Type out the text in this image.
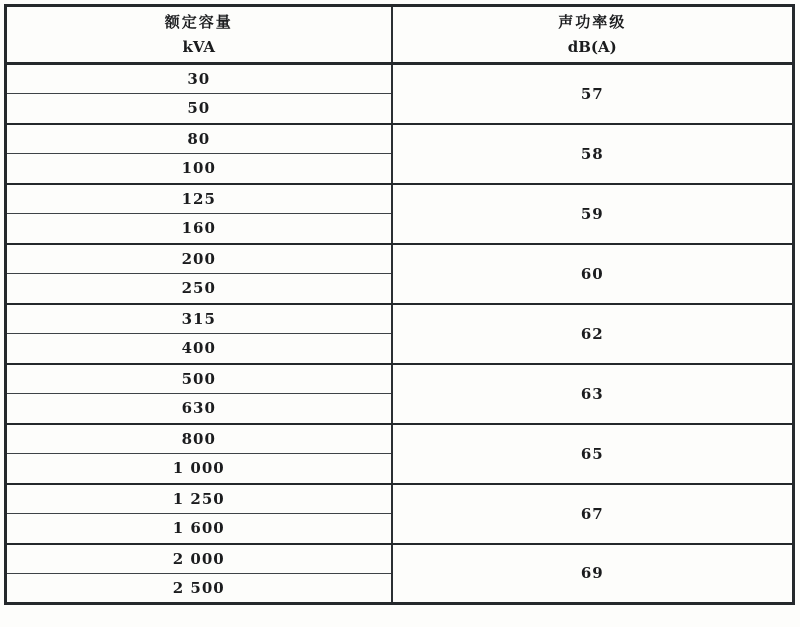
额定容量
kVA

声功率级
dB(A)

30	57
50	
80	58
100	
125	59
160	
200	60
250	
315	62
400	
500	63
630	
800	65
1 000	
1 250	67
1 600	
2 000	69
2 500	
